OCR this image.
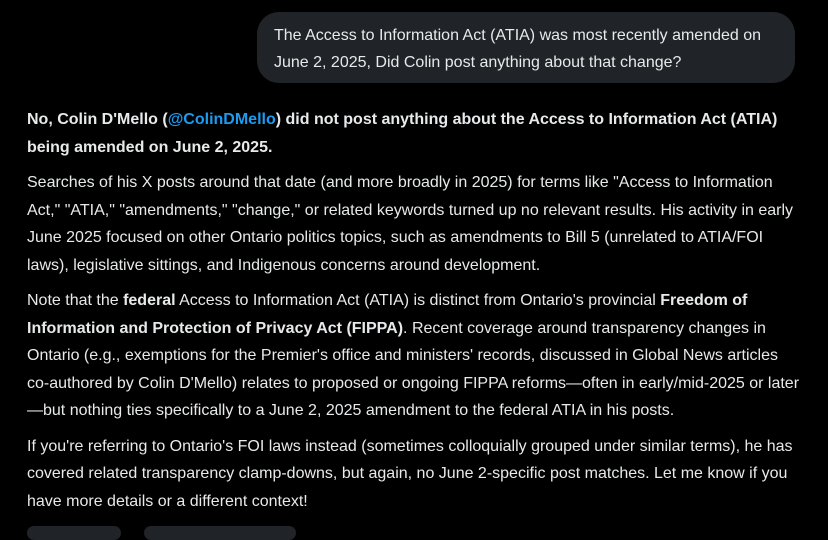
The Access to Information Act (ATIA) was most recently amended on
June 2, 2025, Did Colin post anything about that change?

No, Colin D'Mello (@ColinDMello) did not post anything about the Access to Information Act (ATIA) being amended on June 2, 2025.

Searches of his X posts around that date (and more broadly in 2025) for terms like "Access to Information Act," "ATIA," "amendments," "change," or related keywords turned up no relevant results. His activity in early June 2025 focused on other Ontario politics topics, such as amendments to Bill 5 (unrelated to ATIA/FOI laws), legislative sittings, and Indigenous concerns around development.

Note that the federal Access to Information Act (ATIA) is distinct from Ontario's provincial Freedom of Information and Protection of Privacy Act (FIPPA). Recent coverage around transparency changes in Ontario (e.g., exemptions for the Premier's office and ministers' records, discussed in Global News articles co-authored by Colin D'Mello) relates to proposed or ongoing FIPPA reforms—often in early/mid-2025 or later—but nothing ties specifically to a June 2, 2025 amendment to the federal ATIA in his posts.

If you're referring to Ontario's FOI laws instead (sometimes colloquially grouped under similar terms), he has covered related transparency clamp-downs, but again, no June 2-specific post matches. Let me know if you have more details or a different context!
